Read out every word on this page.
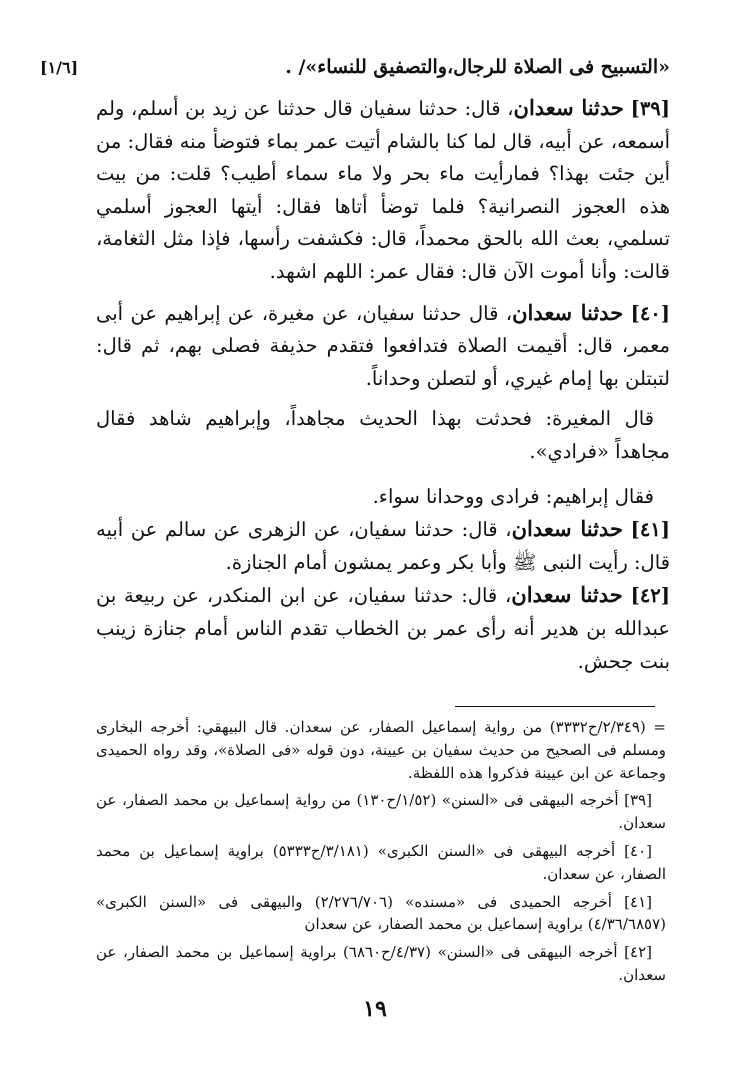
«التسبيح فى الصلاة للرجال،والتصفيق للنساء»/ .
[١/٦]

[٣٩] حدثنا سعدان، قال: حدثنا سفيان قال حدثنا عن زيد بن أسلم، ولم أسمعه، عن أبيه، قال لما كنا بالشام أتيت عمر بماء فتوضأ منه فقال: من أين جئت بهذا؟ فمارأيت ماء بحر ولا ماء سماء أطيب؟ قلت: من بيت هذه العجوز النصرانية؟ فلما توضأ أتاها فقال: أيتها العجوز أسلمي تسلمي، بعث الله بالحق محمداً، قال: فكشفت رأسها، فإذا مثل الثغامة، قالت: وأنا أموت الآن قال: فقال عمر: اللهم اشهد.

[٤٠] حدثنا سعدان، قال حدثنا سفيان، عن مغيرة، عن إبراهيم عن أبى معمر، قال: أقيمت الصلاة فتدافعوا فتقدم حذيفة فصلى بهم، ثم قال: لتبتلن بها إمام غيري، أو لتصلن وحداناً.

قال المغيرة: فحدثت بهذا الحديث مجاهداً، وإبراهيم شاهد فقال مجاهداً «فرادي».

فقال إبراهيم: فرادى ووحدانا سواء.

[٤١] حدثنا سعدان، قال: حدثنا سفيان، عن الزهرى عن سالم عن أبيه قال: رأيت النبى ﷺ وأبا بكر وعمر يمشون أمام الجنازة.

[٤٢] حدثنا سعدان، قال: حدثنا سفيان، عن ابن المنكدر، عن ربيعة بن عبدالله بن هدير أنه رأى عمر بن الخطاب تقدم الناس أمام جنازة زينب بنت جحش.

= (٢/٣٤٩/ح٣٣٣٢) من رواية إسماعيل الصفار، عن سعدان. قال البيهقي: أخرجه البخارى ومسلم فى الصحيح من حديث سفيان بن عيينة، دون قوله «فى الصلاة»، وقد رواه الحميدى وجماعة عن ابن عيينة فذكروا هذه اللفظة.

[٣٩] أخرجه البيهقى فى «السنن» (١/٥٢/ح١٣٠) من رواية إسماعيل بن محمد الصفار، عن سعدان.

[٤٠] أخرجه البيهقى فى «السنن الكبرى» (٣/١٨١/ح٥٣٣٣) براوية إسماعيل بن محمد الصفار، عن سعدان.

[٤١] أخرجه الحميدى فى «مسنده» (٢/٢٧٦/٧٠٦) والبيهقى فى «السنن الكبرى» (٤/٣٦/٦٨٥٧) براوية إسماعيل بن محمد الصفار، عن سعدان

[٤٢] أخرجه البيهقى فى «السنن» (٤/٣٧/ح٦٨٦٠) براوية إسماعيل بن محمد الصفار، عن سعدان.

١٩
